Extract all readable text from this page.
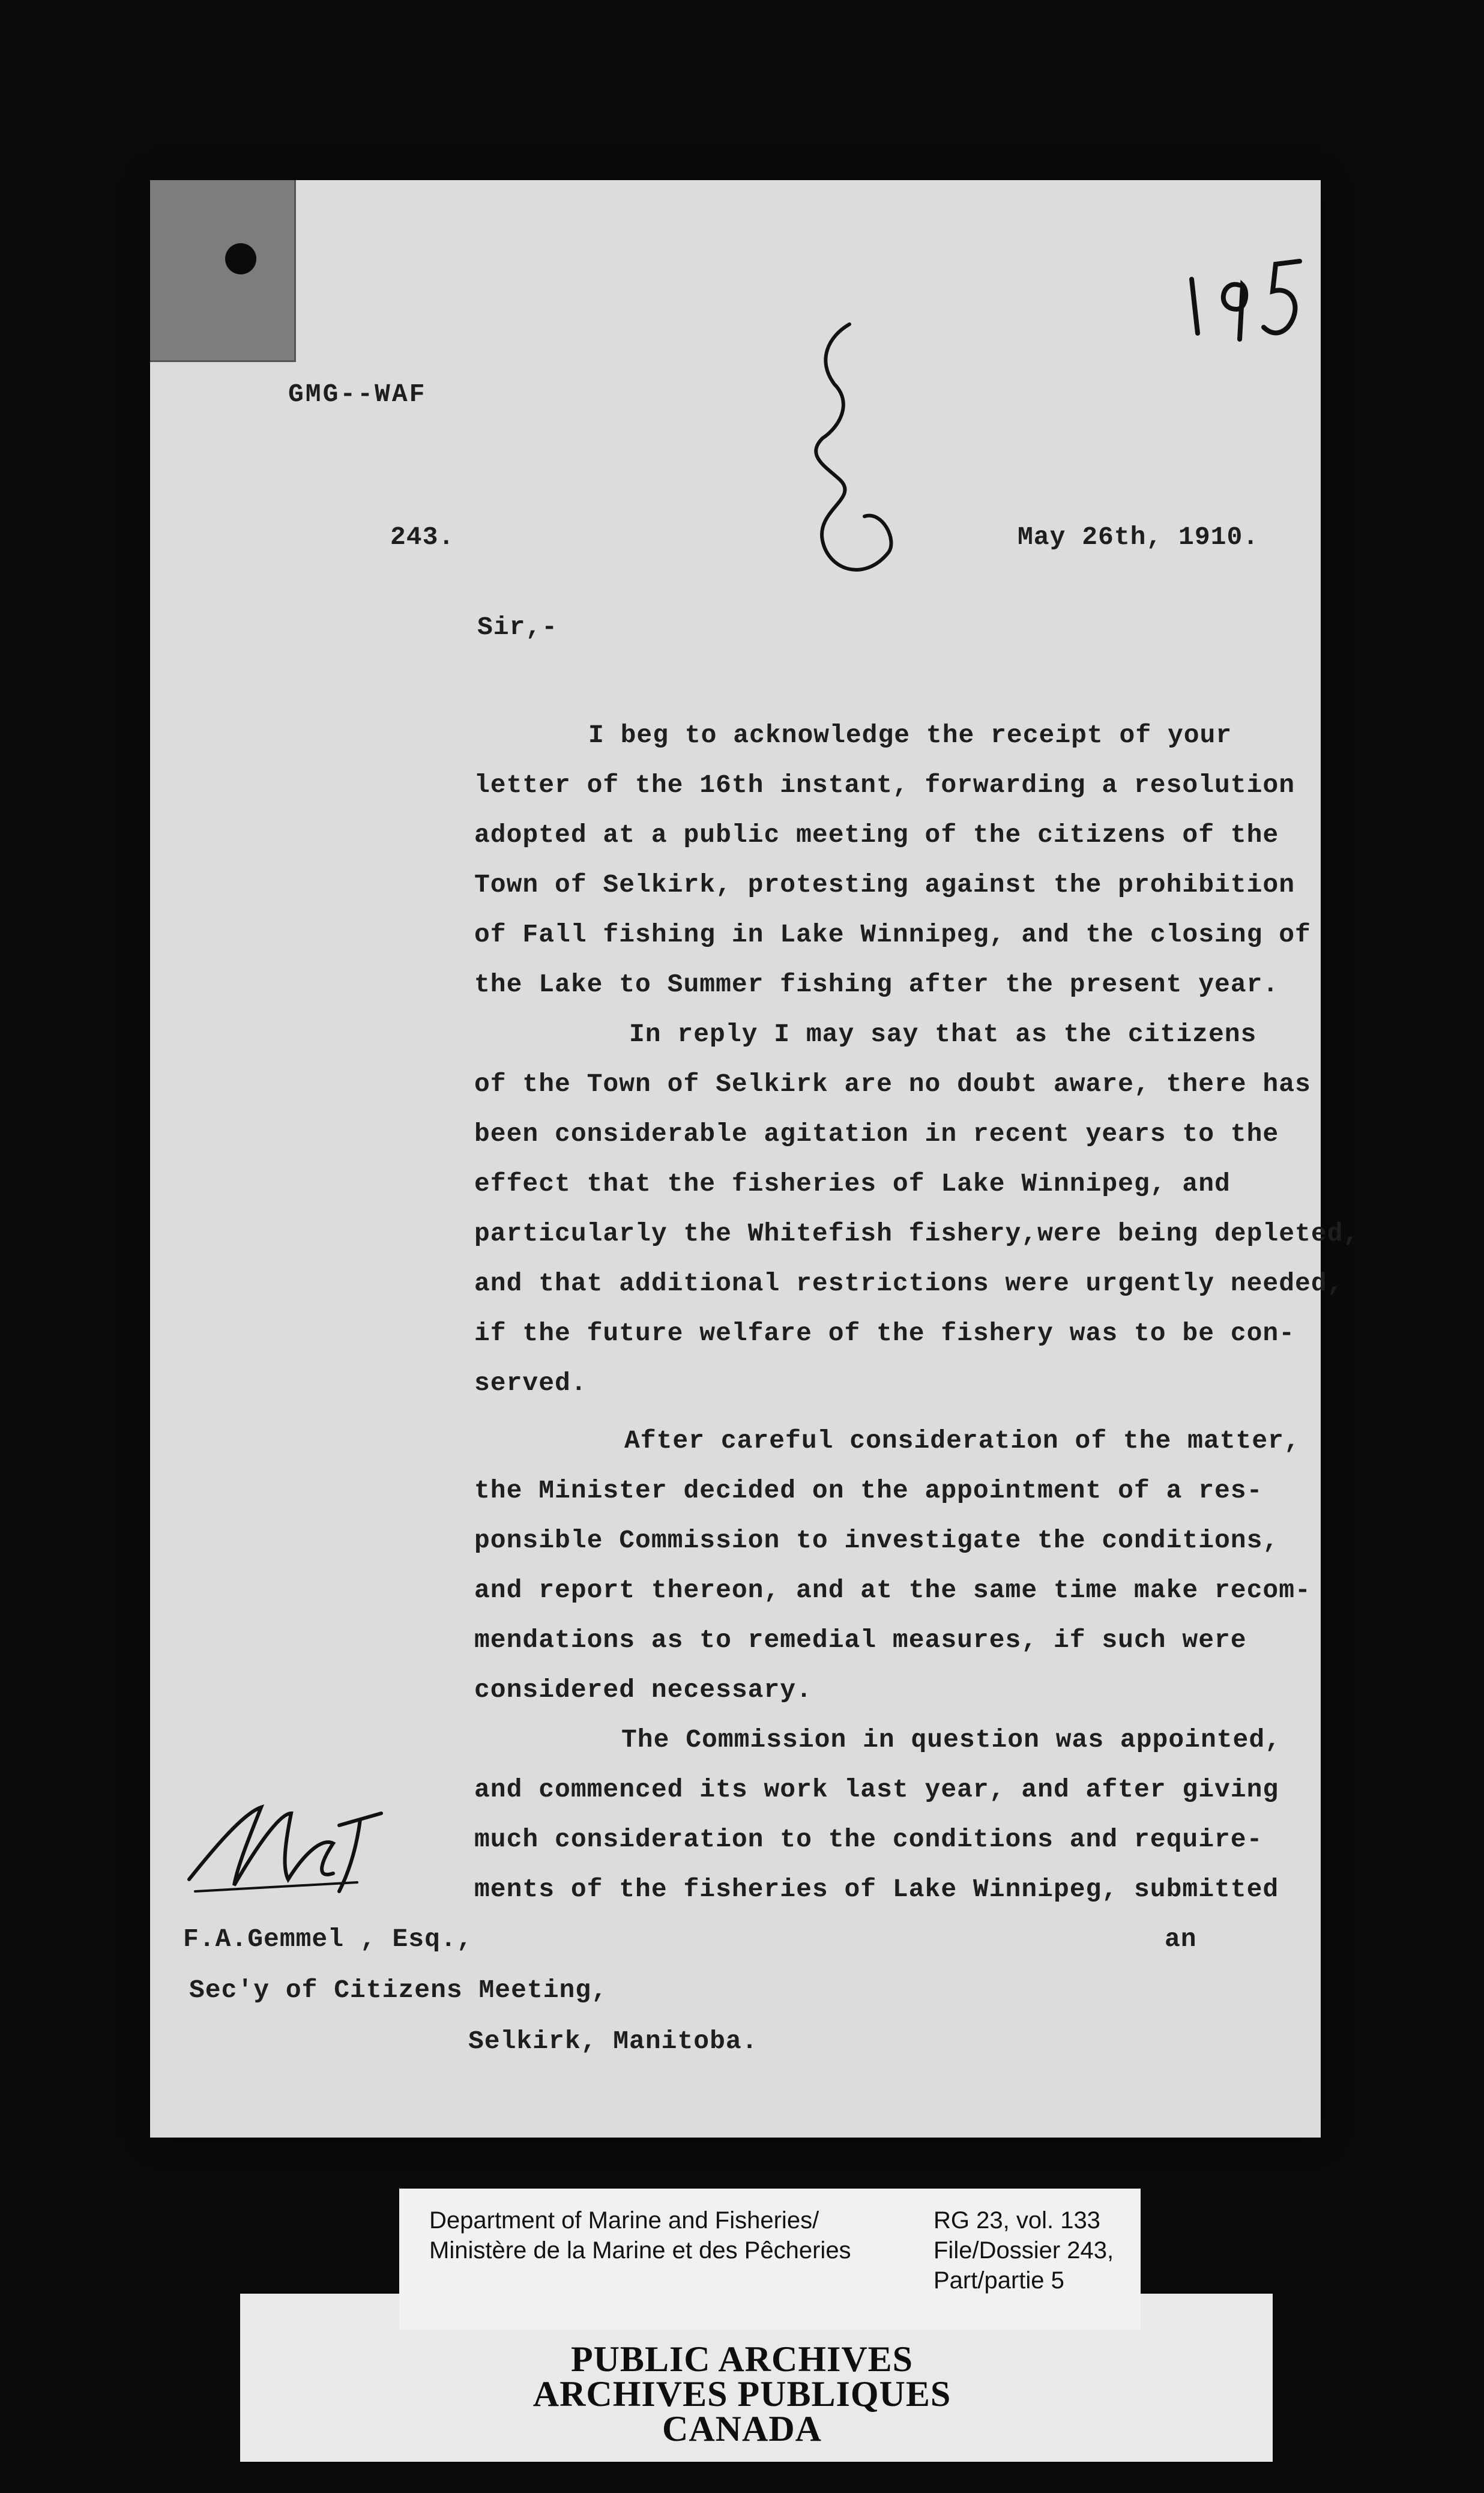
GMG--WAF
243.	May 26th, 1910.
Sir,-
I beg to acknowledge the receipt of your
letter of the 16th instant, forwarding a resolution
adopted at a public meeting of the citizens of the
Town of Selkirk, protesting against the prohibition
of Fall fishing in Lake Winnipeg, and the closing of
the Lake to Summer fishing after the present year.
In reply I may say that as the citizens
of the Town of Selkirk are no doubt aware, there has
been considerable agitation in recent years to the
effect that the fisheries of Lake Winnipeg, and
particularly the Whitefish fishery,were being depleted,
and that additional restrictions were urgently needed,
if the future welfare of the fishery was to be con-
served.
After careful consideration of the matter,
the Minister decided on the appointment of a res-
ponsible Commission to investigate the conditions,
and report thereon, and at the same time make recom-
mendations as to remedial measures, if such were
considered necessary.
The Commission in question was appointed,
and commenced its work last year, and after giving
much consideration to the conditions and require-
ments of the fisheries of Lake Winnipeg, submitted
an
F.A.Gemmel , Esq.,
Sec'y of Citizens Meeting,
Selkirk, Manitoba.
Department of Marine and Fisheries/
Ministère de la Marine et des Pêcheries
RG 23, vol. 133
File/Dossier 243,
Part/partie 5
PUBLIC ARCHIVES
ARCHIVES PUBLIQUES
CANADA
